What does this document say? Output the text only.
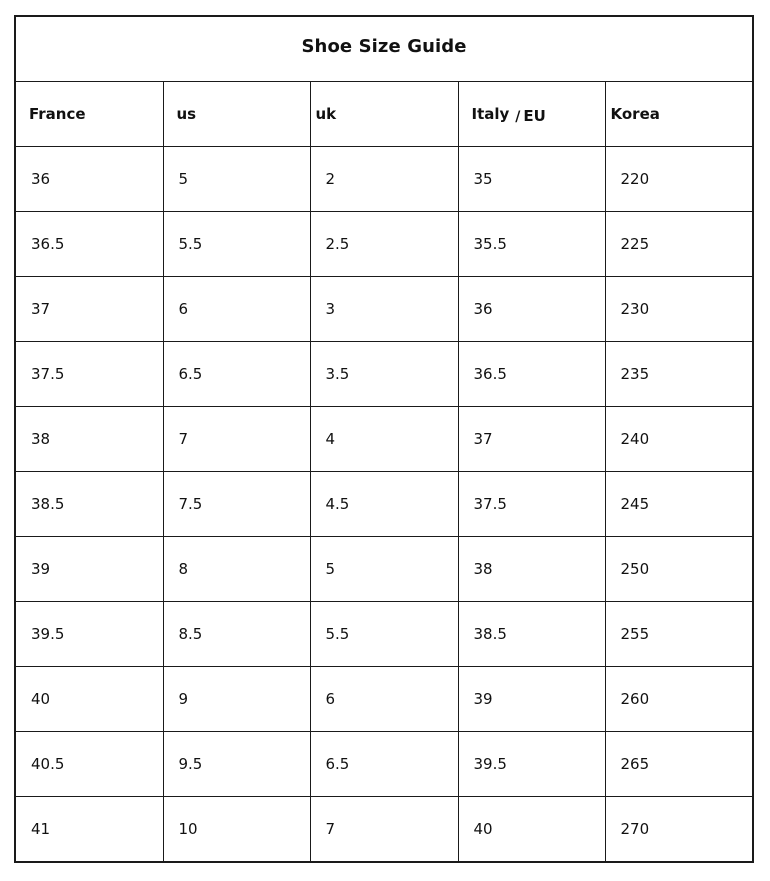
Shoe Size Guide				
France	us	uk	Italy / EU	Korea
36	5	2	35	220
36.5	5.5	2.5	35.5	225
37	6	3	36	230
37.5	6.5	3.5	36.5	235
38	7	4	37	240
38.5	7.5	4.5	37.5	245
39	8	5	38	250
39.5	8.5	5.5	38.5	255
40	9	6	39	260
40.5	9.5	6.5	39.5	265
41	10	7	40	270
